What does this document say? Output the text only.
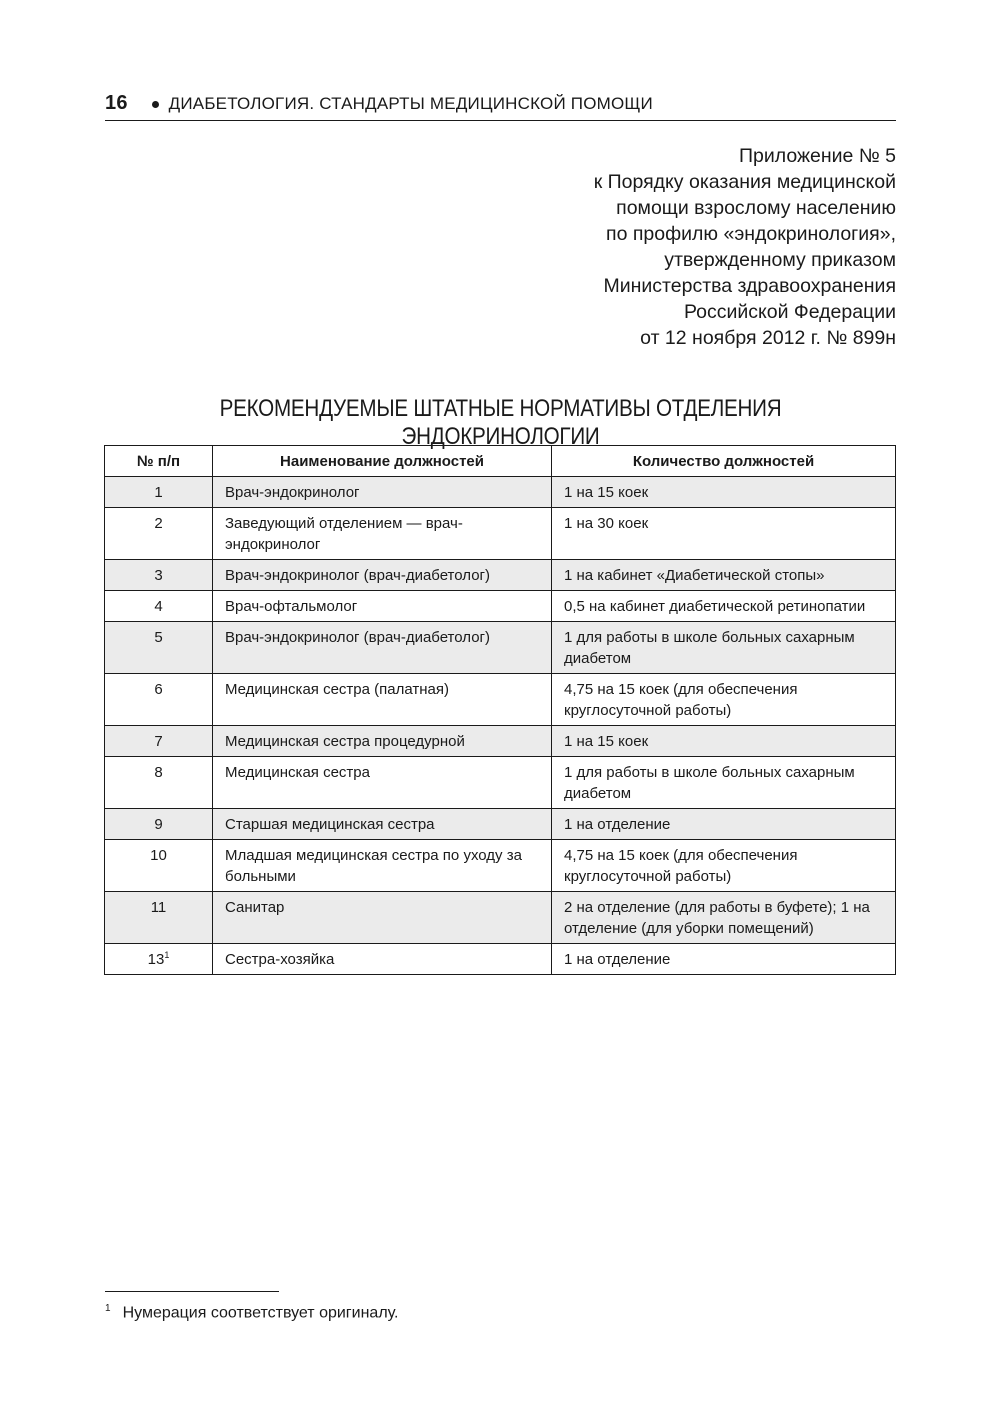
16 ДИАБЕТОЛОГИЯ. СТАНДАРТЫ МЕДИЦИНСКОЙ ПОМОЩИ
Приложение № 5
к Порядку оказания медицинской
помощи взрослому населению
по профилю «эндокринология»,
утвержденному приказом
Министерства здравоохранения
Российской Федерации
от 12 ноября 2012 г. № 899н
РЕКОМЕНДУЕМЫЕ ШТАТНЫЕ НОРМАТИВЫ ОТДЕЛЕНИЯ ЭНДОКРИНОЛОГИИ
№ п/п	Наименование должностей	Количество должностей
1	Врач-эндокринолог	1 на 15 коек
2	Заведующий отделением — врач-эндокринолог	1 на 30 коек
3	Врач-эндокринолог (врач-диабетолог)	1 на кабинет «Диабетической стопы»
4	Врач-офтальмолог	0,5 на кабинет диабетической ретинопатии
5	Врач-эндокринолог (врач-диабетолог)	1 для работы в школе больных сахарным диабетом
6	Медицинская сестра (палатная)	4,75 на 15 коек (для обеспечения круглосуточной работы)
7	Медицинская сестра процедурной	1 на 15 коек
8	Медицинская сестра	1 для работы в школе больных сахарным диабетом
9	Старшая медицинская сестра	1 на отделение
10	Младшая медицинская сестра по уходу за больными	4,75 на 15 коек (для обеспечения круглосуточной работы)
11	Санитар	2 на отделение (для работы в буфете); 1 на отделение (для уборки помещений)
13$^1$	Сестра-хозяйка	1 на отделение
$^1$ Нумерация соответствует оригиналу.
